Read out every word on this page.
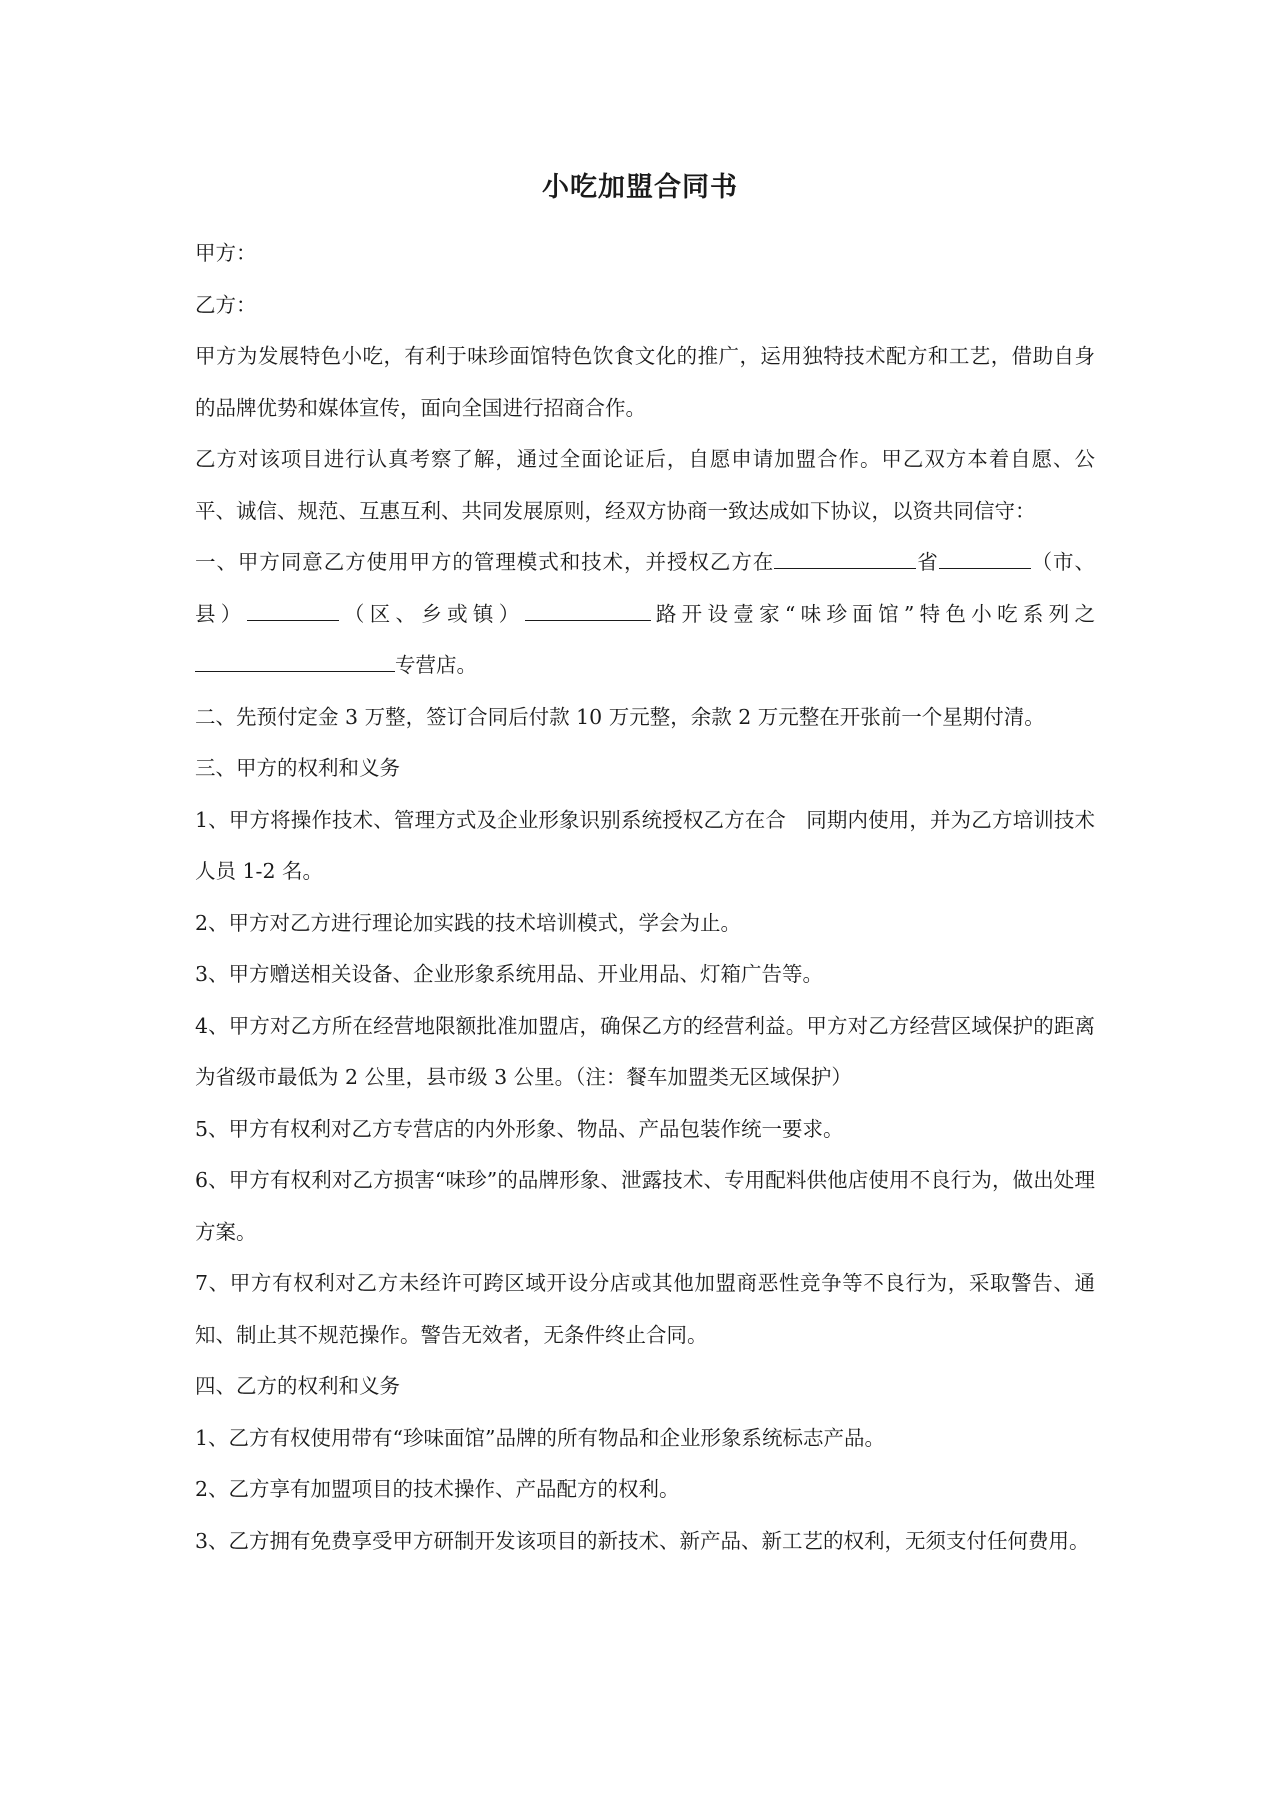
小吃加盟合同书

甲方：

乙方：

甲方为发展特色小吃，有利于味珍面馆特色饮食文化的推广，运用独特技术配方和工艺，借助自身的品牌优势和媒体宣传，面向全国进行招商合作。

乙方对该项目进行认真考察了解，通过全面论证后，自愿申请加盟合作。甲乙双方本着自愿、公平、诚信、规范、互惠互利、共同发展原则，经双方协商一致达成如下协议，以资共同信守：

一、甲方同意乙方使用甲方的管理模式和技术，并授权乙方在	省	（市、县）	（区、乡或镇）	路开设壹家“味珍面馆”特色小吃系列之专营店。

二、先预付定金 3 万整，签订合同后付款 10 万元整，余款 2 万元整在开张前一个星期付清。

三、甲方的权利和义务

1、甲方将操作技术、管理方式及企业形象识别系统授权乙方在合 同期内使用，并为乙方培训技术人员 1-2 名。

2、甲方对乙方进行理论加实践的技术培训模式，学会为止。

3、甲方赠送相关设备、企业形象系统用品、开业用品、灯箱广告等。

4、甲方对乙方所在经营地限额批准加盟店，确保乙方的经营利益。甲方对乙方经营区域保护的距离为省级市最低为 2 公里，县市级 3 公里。（注：餐车加盟类无区域保护）

5、甲方有权利对乙方专营店的内外形象、物品、产品包装作统一要求。

6、甲方有权利对乙方损害“味珍”的品牌形象、泄露技术、专用配料供他店使用不良行为，做出处理方案。

7、甲方有权利对乙方未经许可跨区域开设分店或其他加盟商恶性竞争等不良行为，采取警告、通知、制止其不规范操作。警告无效者，无条件终止合同。

四、乙方的权利和义务

1、乙方有权使用带有“珍味面馆”品牌的所有物品和企业形象系统标志产品。

2、乙方享有加盟项目的技术操作、产品配方的权利。

3、乙方拥有免费享受甲方研制开发该项目的新技术、新产品、新工艺的权利，无须支付任何费用。
